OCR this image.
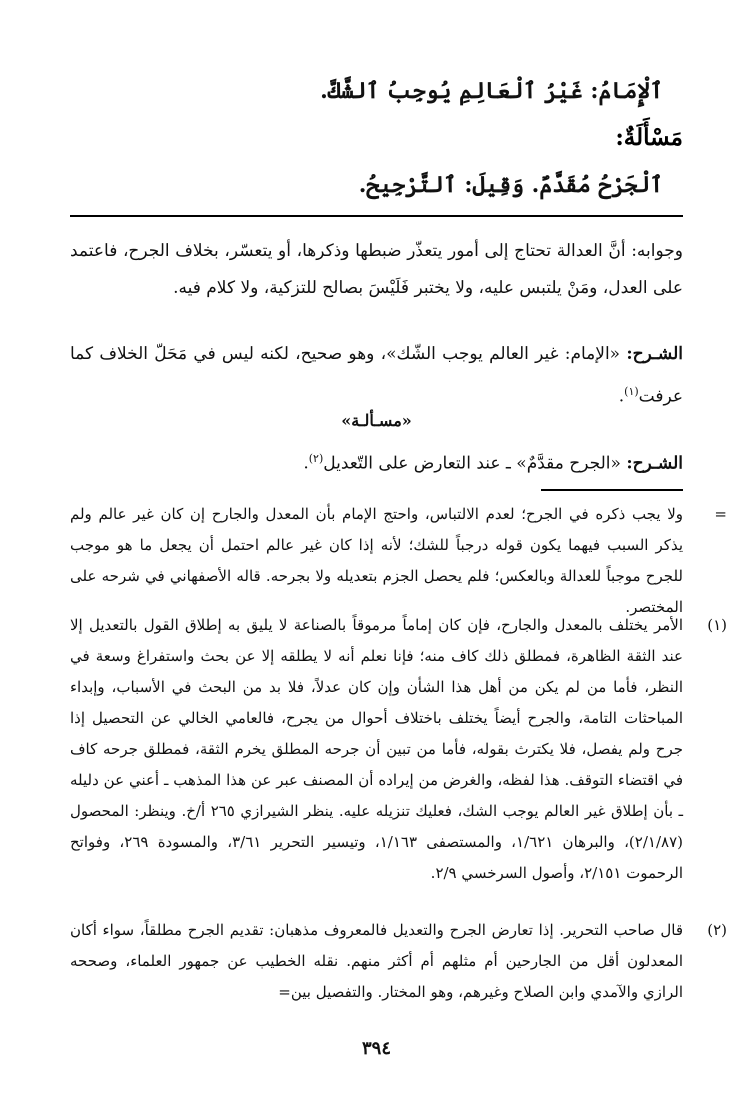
ٱلْإِمَامُ: غَيْرُ ٱلْعَالِمِ يُوجِبُ ٱلشَّكَّ.
مَسْأَلَةٌ:
ٱلْجَرْحُ مُقَدَّمٌ. وَقِيلَ: ٱلتَّرْجِيحُ.
وجوابه: أنَّ العدالة تحتاج إلى أمور يتعذّر ضبطها وذكرها، أو يتعسّر، بخلاف الجرح، فاعتمد على العدل، ومَنْ يلتبس عليه، ولا يختبر فَلَيْسَ بصالح للتزكية، ولا كلام فيه.
الشـرح: «الإمام: غير العالم يوجب الشّك»، وهو صحيح، لكنه ليس في مَحَلّ الخلاف كما عرفت$^{(١)}$.
«مسـألـة»
الشـرح: «الجرح مقدَّمٌ» ـ عند التعارض على التّعديل$^{(٢)}$.
=
ولا يجب ذكره في الجرح؛ لعدم الالتباس، واحتج الإمام بأن المعدل والجارح إن كان غير عالم ولم يذكر السبب فيهما يكون قوله درجباً للشك؛ لأنه إذا كان غير عالم احتمل أن يجعل ما هو موجب للجرح موجباً للعدالة وبالعكس؛ فلم يحصل الجزم بتعديله ولا بجرحه. قاله الأصفهاني في شرحه على المختصر.
(١)
الأمر يختلف بالمعدل والجارح، فإن كان إماماً مرموقاً بالصناعة لا يليق به إطلاق القول بالتعديل إلا عند الثقة الظاهرة، فمطلق ذلك كاف منه؛ فإنا نعلم أنه لا يطلقه إلا عن بحث واستفراغ وسعة في النظر، فأما من لم يكن من أهل هذا الشأن وإن كان عدلاً، فلا بد من البحث في الأسباب، وإبداء المباحثات التامة، والجرح أيضاً يختلف باختلاف أحوال من يجرح، فالعامي الخالي عن التحصيل إذا جرح ولم يفصل، فلا يكترث بقوله، فأما من تبين أن جرحه المطلق يخرم الثقة، فمطلق جرحه كاف في اقتضاء التوقف. هذا لفظه، والغرض من إيراده أن المصنف عبر عن هذا المذهب ـ أعني عن دليله ـ بأن إطلاق غير العالم يوجب الشك، فعليك تنزيله عليه. ينظر الشيرازي ٢٦٥ أ/خ. وينظر: المحصول (٢/١/٨٧)، والبرهان ١/٦٢١، والمستصفى ١/١٦٣، وتيسير التحرير ٣/٦١، والمسودة ٢٦٩، وفواتح الرحموت ٢/١٥١، وأصول السرخسي ٢/٩.
(٢)
قال صاحب التحرير. إذا تعارض الجرح والتعديل فالمعروف مذهبان: تقديم الجرح مطلقاً، سواء أكان المعدلون أقل من الجارحين أم مثلهم أم أكثر منهم. نقله الخطيب عن جمهور العلماء، وصححه الرازي والآمدي وابن الصلاح وغيرهم، وهو المختار. والتفصيل بين=
٣٩٤
